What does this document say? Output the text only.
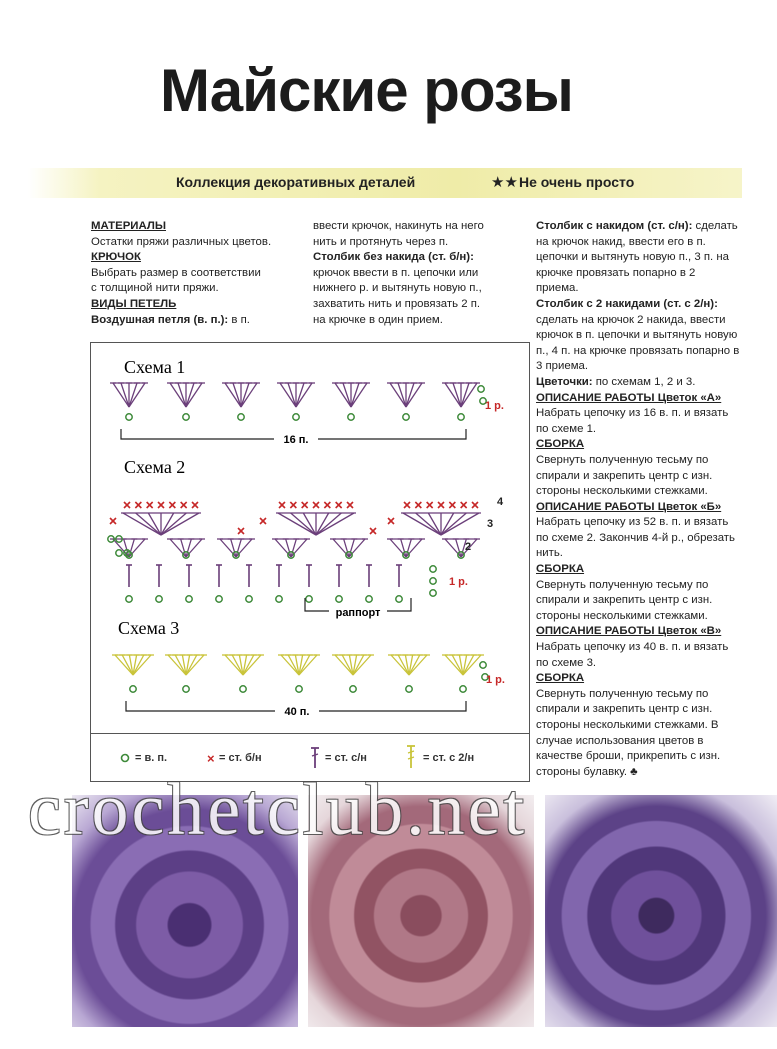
Майские розы
Коллекция декоративных деталей	★★ Не очень просто

МАТЕРИАЛЫ

Остатки пряжи различных цветов.

КРЮЧОК

Выбрать размер в соответствии

с толщиной нити пряжи.

ВИДЫ ПЕТЕЛЬ

Воздушная петля (в. п.): в п.

ввести крючок, накинуть на него

нить и протянуть через п.

Столбик без накида (ст. б/н):

крючок ввести в п. цепочки или

нижнего р. и вытянуть новую п.,

захватить нить и провязать 2 п.

на крючке в один прием.

Столбик с накидом (ст. с/н): сделать на крючок накид, ввести его в п. цепочки и вытянуть новую п., 3 п. на крючке провязать попарно в 2 приема.

Столбик с 2 накидами (ст. с 2/н): сделать на крючок 2 накида, ввести крючок в п. цепочки и вытянуть новую п., 4 п. на крючке провязать попарно в 3 приема.

Цветочки: по схемам 1, 2 и 3.

ОПИСАНИЕ РАБОТЫ Цветок «А»

Набрать цепочку из 16 в. п. и вязать по схеме 1.

СБОРКА

Свернуть полученную тесьму по спирали и закрепить центр с изн. стороны несколькими стежками.

ОПИСАНИЕ РАБОТЫ Цветок «Б»

Набрать цепочку из 52 в. п. и вязать по схеме 2. Закончив 4-й р., обрезать нить.

СБОРКА

Свернуть полученную тесьму по спирали и закрепить центр с изн. стороны несколькими стежками.

ОПИСАНИЕ РАБОТЫ Цветок «В»

Набрать цепочку из 40 в. п. и вязать по схеме 3.

СБОРКА

Свернуть полученную тесьму по спирали и закрепить центр с изн. стороны несколькими стежками. В случае использования цветов в качестве броши, прикрепить с изн. стороны булавку. ♣

Схема 1
1 р.
16 п.
Схема 2
4
3
2
1 р.
раппорт
Схема 3
1 р.
40 п.
×
= в. п.	= ст. б/н	= ст. с/н	= ст. с 2/н
crochetclub.net
